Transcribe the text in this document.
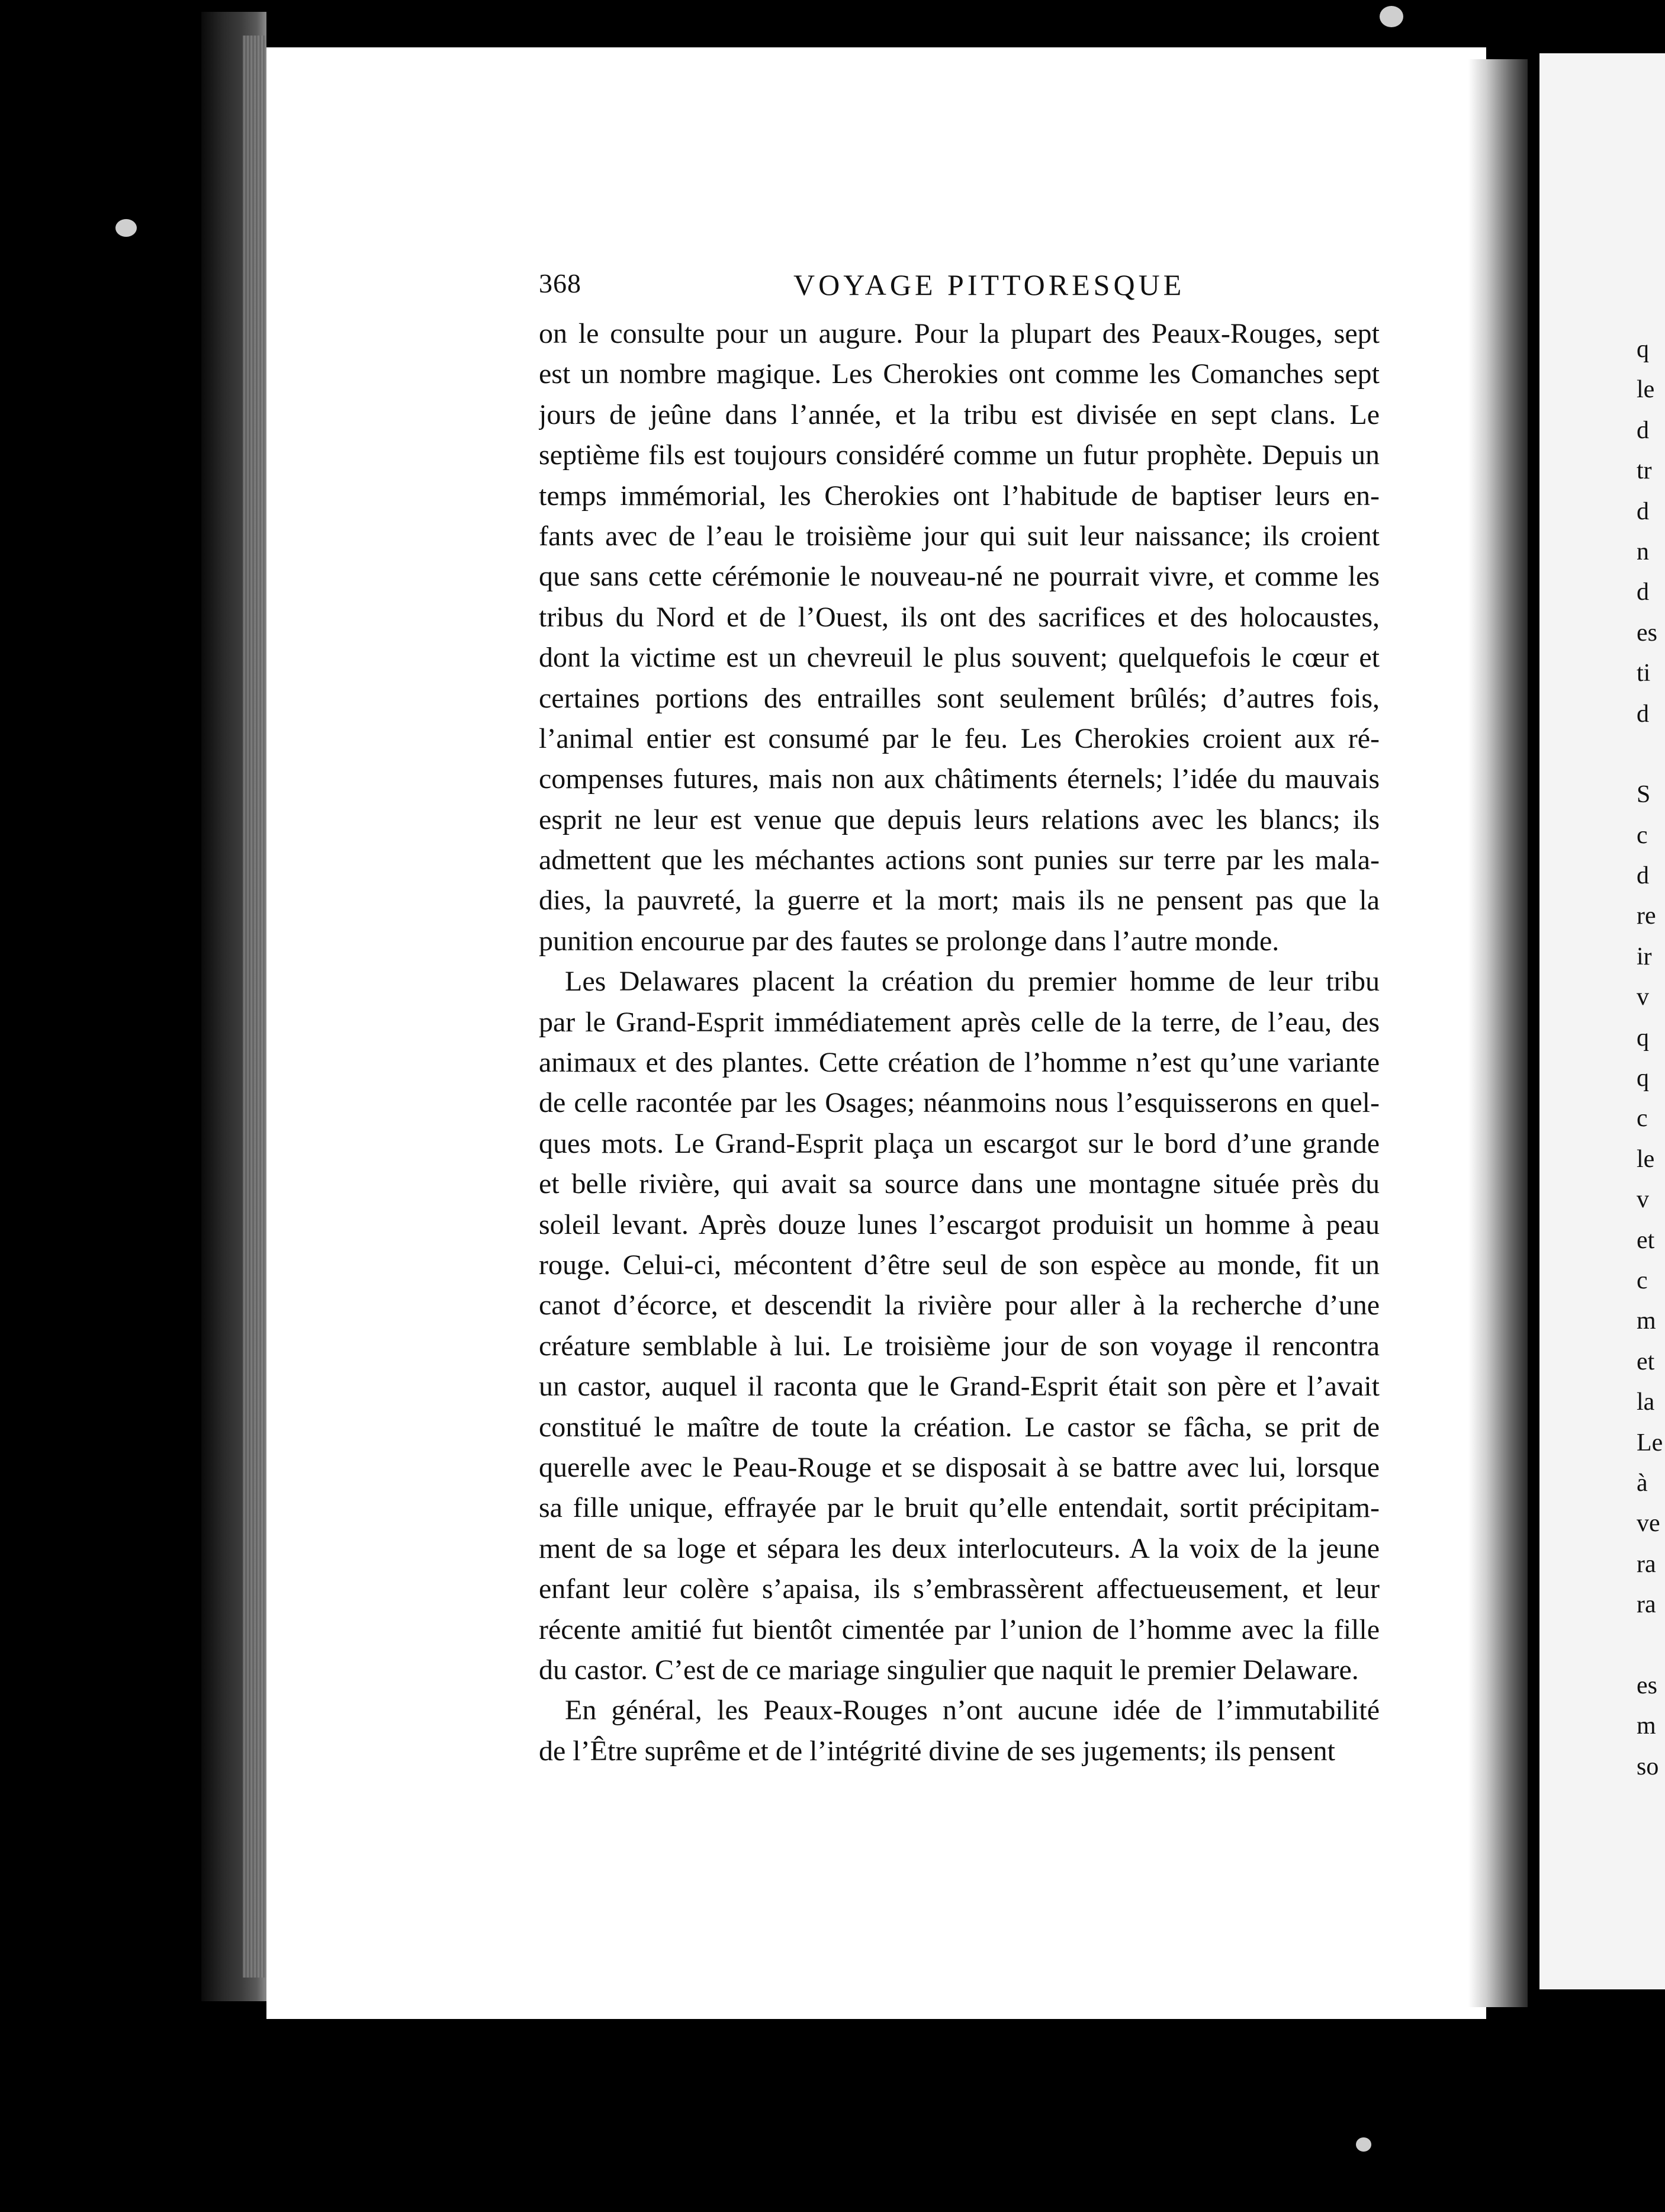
q
le
d
tr
d
n
d
es
ti
d
S
c
d
re
ir
v
q
q
c
le
v
et
c
m
et
la
Le
à
ve
ra
ra
es
m
so
368	VOYAGE PITTORESQUE
on le consulte pour un augure. Pour la plupart des Peaux-Rouges, sept
est un nombre magique. Les Cherokies ont comme les Comanches sept
jours de jeûne dans l’année, et la tribu est divisée en sept clans. Le
septième fils est toujours considéré comme un futur prophète. Depuis un
temps immémorial, les Cherokies ont l’habitude de baptiser leurs en-
fants avec de l’eau le troisième jour qui suit leur naissance; ils croient
que sans cette cérémonie le nouveau-né ne pourrait vivre, et comme les
tribus du Nord et de l’Ouest, ils ont des sacrifices et des holocaustes,
dont la victime est un chevreuil le plus souvent; quelquefois le cœur et
certaines portions des entrailles sont seulement brûlés; d’autres fois,
l’animal entier est consumé par le feu. Les Cherokies croient aux ré-
compenses futures, mais non aux châtiments éternels; l’idée du mauvais
esprit ne leur est venue que depuis leurs relations avec les blancs; ils
admettent que les méchantes actions sont punies sur terre par les mala-
dies, la pauvreté, la guerre et la mort; mais ils ne pensent pas que la
punition encourue par des fautes se prolonge dans l’autre monde.
Les Delawares placent la création du premier homme de leur tribu
par le Grand-Esprit immédiatement après celle de la terre, de l’eau, des
animaux et des plantes. Cette création de l’homme n’est qu’une variante
de celle racontée par les Osages; néanmoins nous l’esquisserons en quel-
ques mots. Le Grand-Esprit plaça un escargot sur le bord d’une grande
et belle rivière, qui avait sa source dans une montagne située près du
soleil levant. Après douze lunes l’escargot produisit un homme à peau
rouge. Celui-ci, mécontent d’être seul de son espèce au monde, fit un
canot d’écorce, et descendit la rivière pour aller à la recherche d’une
créature semblable à lui. Le troisième jour de son voyage il rencontra
un castor, auquel il raconta que le Grand-Esprit était son père et l’avait
constitué le maître de toute la création. Le castor se fâcha, se prit de
querelle avec le Peau-Rouge et se disposait à se battre avec lui, lorsque
sa fille unique, effrayée par le bruit qu’elle entendait, sortit précipitam-
ment de sa loge et sépara les deux interlocuteurs. A la voix de la jeune
enfant leur colère s’apaisa, ils s’embrassèrent affectueusement, et leur
récente amitié fut bientôt cimentée par l’union de l’homme avec la fille
du castor. C’est de ce mariage singulier que naquit le premier Delaware.
En général, les Peaux-Rouges n’ont aucune idée de l’immutabilité
de l’Être suprême et de l’intégrité divine de ses jugements; ils pensent
